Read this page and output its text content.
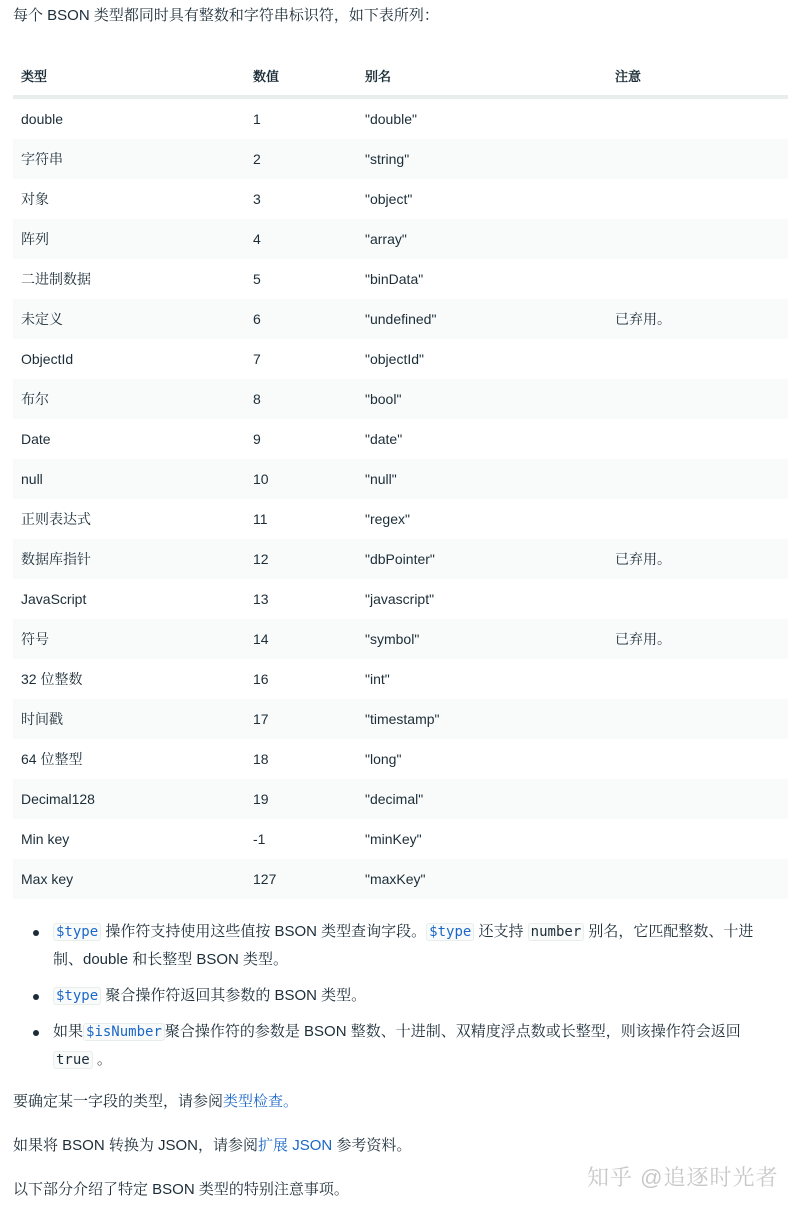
每个 BSON 类型都同时具有整数和字符串标识符，如下表所列：
类型	数值	别名	注意
double	1	"double"
字符串	2	"string"
对象	3	"object"
阵列	4	"array"
二进制数据	5	"binData"
未定义	6	"undefined"	已弃用。
ObjectId	7	"objectId"
布尔	8	"bool"
Date	9	"date"
null	10	"null"
正则表达式	11	"regex"
数据库指针	12	"dbPointer"	已弃用。
JavaScript	13	"javascript"
符号	14	"symbol"	已弃用。
32 位整数	16	"int"
时间戳	17	"timestamp"
64 位整型	18	"long"
Decimal128	19	"decimal"
Min key	-1	"minKey"
Max key	127	"maxKey"
$type 操作符支持使用这些值按 BSON 类型查询字段。 $type 还支持 number 别名，它匹配整数、十进制、double 和长整型 BSON 类型。
$type 聚合操作符返回其参数的 BSON 类型。
如果 $isNumber 聚合操作符的参数是 BSON 整数、十进制、双精度浮点数或长整型，则该操作符会返回 true 。
要确定某一字段的类型，请参阅类型检查。
如果将 BSON 转换为 JSON，请参阅扩展 JSON 参考资料。
以下部分介绍了特定 BSON 类型的特别注意事项。	知乎 @追逐时光者
